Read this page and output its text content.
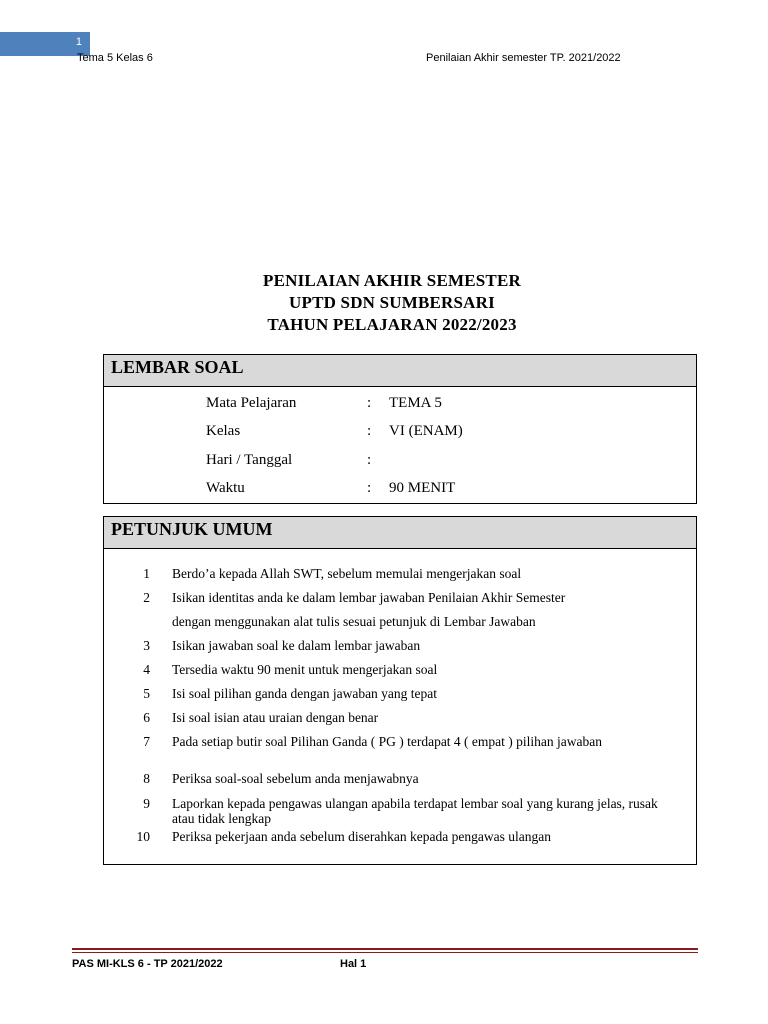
1
Tema 5 Kelas 6	Penilaian Akhir semester TP. 2021/2022
PENILAIAN AKHIR SEMESTER
UPTD SDN SUMBERSARI
TAHUN PELAJARAN 2022/2023
LEMBAR SOAL
Mata Pelajaran	: TEMA 5
Kelas	: VI (ENAM)
Hari / Tanggal	:
Waktu	: 90 MENIT
PETUNJUK UMUM
1 Berdo’a kepada Allah SWT, sebelum memulai mengerjakan soal
2 Isikan identitas anda ke dalam lembar jawaban Penilaian Akhir Semester
dengan menggunakan alat tulis sesuai petunjuk di Lembar Jawaban
3 Isikan jawaban soal ke dalam lembar jawaban
4 Tersedia waktu 90 menit untuk mengerjakan soal
5 Isi soal pilihan ganda dengan jawaban yang tepat
6 Isi soal isian atau uraian dengan benar
7 Pada setiap butir soal Pilihan Ganda ( PG ) terdapat 4 ( empat ) pilihan jawaban
8 Periksa soal-soal sebelum anda menjawabnya
9 Laporkan kepada pengawas ulangan apabila terdapat lembar soal yang kurang jelas, rusak atau tidak lengkap
10 Periksa pekerjaan anda sebelum diserahkan kepada pengawas ulangan
PAS MI-KLS 6 - TP 2021/2022	Hal 1
